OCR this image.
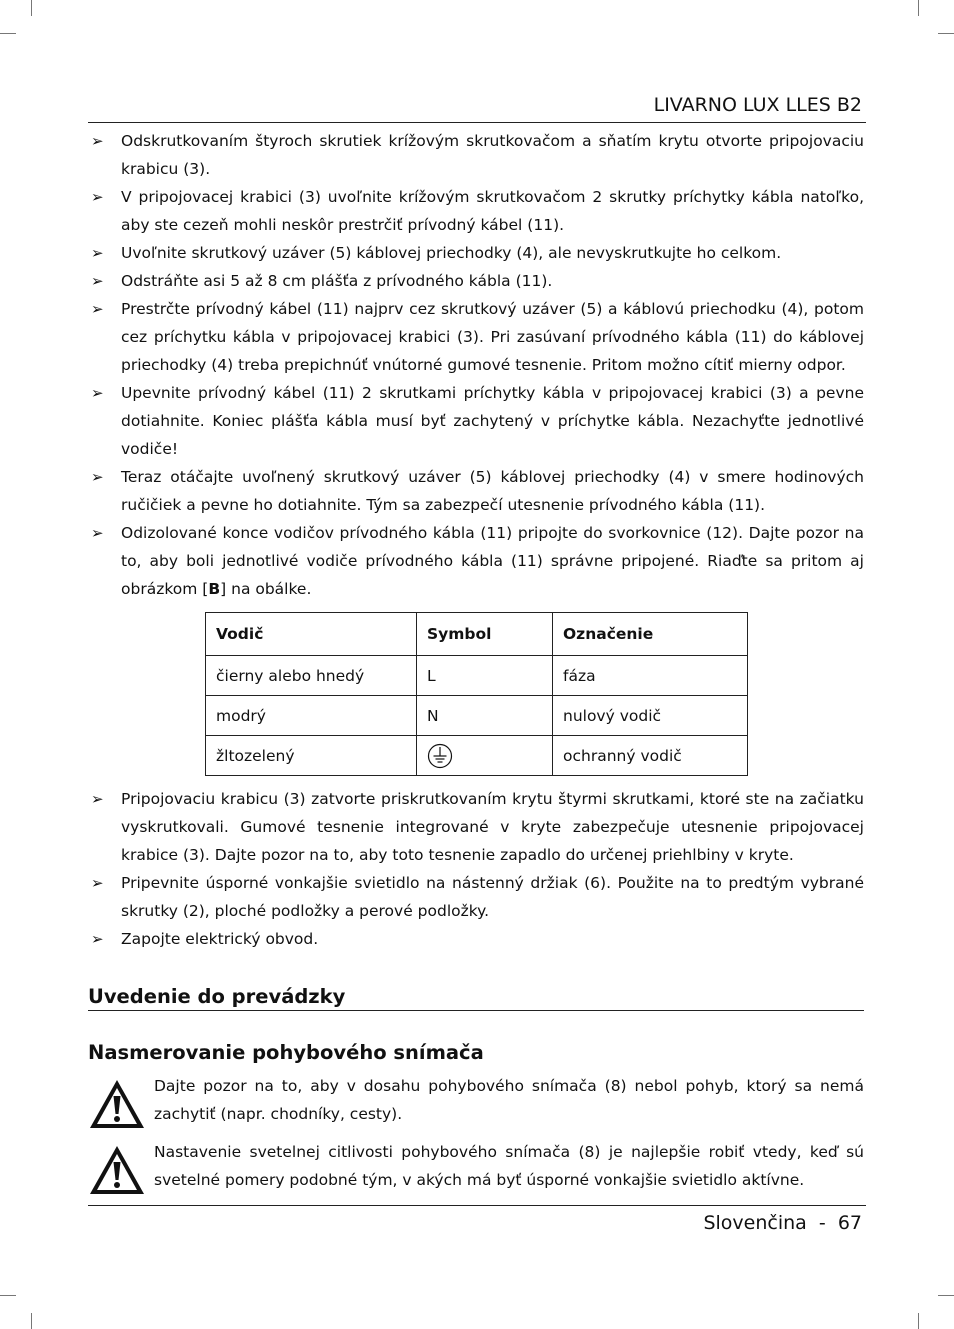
LIVARNO LUX LLES B2
➢ Odskrutkovaním štyroch skrutiek krížovým skrutkovačom a sňatím krytu otvorte pripojovaciu krabicu (3).
➢ V pripojovacej krabici (3) uvoľnite krížovým skrutkovačom 2 skrutky príchytky kábla natoľko, aby ste cezeň mohli neskôr prestrčiť prívodný kábel (11).
➢ Uvoľnite skrutkový uzáver (5) káblovej priechodky (4), ale nevyskrutkujte ho celkom.
➢ Odstráňte asi 5 až 8 cm plášťa z prívodného kábla (11).
➢ Prestrčte prívodný kábel (11) najprv cez skrutkový uzáver (5) a káblovú priechodku (4), potom cez príchytku kábla v pripojovacej krabici (3). Pri zasúvaní prívodného kábla (11) do káblovej priechodky (4) treba prepichnúť vnútorné gumové tesnenie. Pritom možno cítiť mierny odpor.
➢ Upevnite prívodný kábel (11) 2 skrutkami príchytky kábla v pripojovacej krabici (3) a pevne dotiahnite. Koniec plášťa kábla musí byť zachytený v príchytke kábla. Nezachyťte jednotlivé vodiče!
➢ Teraz otáčajte uvoľnený skrutkový uzáver (5) káblovej priechodky (4) v smere hodinových ručičiek a pevne ho dotiahnite. Tým sa zabezpečí utesnenie prívodného kábla (11).
➢ Odizolované konce vodičov prívodného kábla (11) pripojte do svorkovnice (12). Dajte pozor na to, aby boli jednotlivé vodiče prívodného kábla (11) správne pripojené. Riaďte sa pritom aj obrázkom [B] na obálke.
Vodič	Symbol	Označenie
čierny alebo hnedý	L	fáza
modrý	N	nulový vodič
žltozelený		ochranný vodič
➢ Pripojovaciu krabicu (3) zatvorte priskrutkovaním krytu štyrmi skrutkami, ktoré ste na začiatku vyskrutkovali. Gumové tesnenie integrované v kryte zabezpečuje utesnenie pripojovacej krabice (3). Dajte pozor na to, aby toto tesnenie zapadlo do určenej priehlbiny v kryte.
➢ Pripevnite úsporné vonkajšie svietidlo na nástenný držiak (6). Použite na to predtým vybrané skrutky (2), ploché podložky a perové podložky.
➢ Zapojte elektrický obvod.
Uvedenie do prevádzky
Nasmerovanie pohybového snímača
Dajte pozor na to, aby v dosahu pohybového snímača (8) nebol pohyb, ktorý sa nemá zachytiť (napr. chodníky, cesty).
Nastavenie svetelnej citlivosti pohybového snímača (8) je najlepšie robiť vtedy, keď sú svetelné pomery podobné tým, v akých má byť úsporné vonkajšie svietidlo aktívne.
Slovenčina  -  67
